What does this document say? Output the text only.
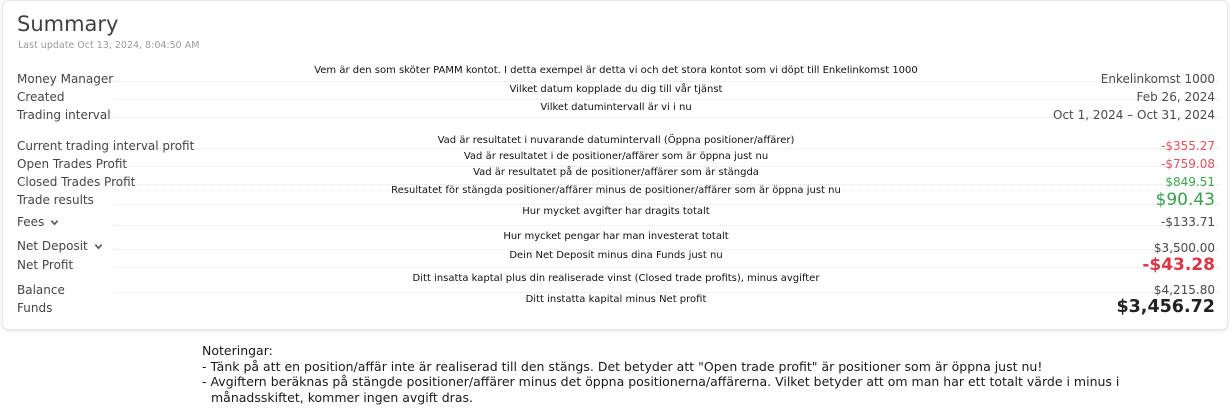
Summary
Last update Oct 13, 2024, 8:04:50 AM
Money Manager	Enkelinkomst 1000
Created	Feb 26, 2024
Trading interval	Oct 1, 2024 – Oct 31, 2024
Current trading interval profit	-$355.27
Open Trades Profit	-$759.08
Closed Trades Profit	$849.51
Trade results	$90.43
Fees	-$133.71
Net Deposit	$3,500.00
Net Profit	-$43.28
Balance	$4,215.80
Funds	$3,456.72
Vem är den som sköter PAMM kontot. I detta exempel är detta vi och det stora kontot som vi döpt till Enkelinkomst 1000
Vilket datum kopplade du dig till vår tjänst
Vilket datumintervall är vi i nu
Vad är resultatet i nuvarande datumintervall (Öppna positioner/affärer)
Vad är resultatet i de positioner/affärer som är öppna just nu
Vad är resultatet på de positioner/affärer som är stängda
Resultatet för stängda positioner/affärer minus de positioner/affärer som är öppna just nu
Hur mycket avgifter har dragits totalt
Hur mycket pengar har man investerat totalt
Dein Net Deposit minus dina Funds just nu
Ditt insatta kaptal plus din realiserade vinst (Closed trade profits), minus avgifter
Ditt instatta kapital minus Net profit
Noteringar:
- Tänk på att en position/affär inte är realiserad till den stängs. Det betyder att "Open trade profit" är positioner som är öppna just nu!
- Avgiftern beräknas på stängde positioner/affärer minus det öppna positionerna/affärerna. Vilket betyder att om man har ett totalt värde i minus i
månadsskiftet, kommer ingen avgift dras.
